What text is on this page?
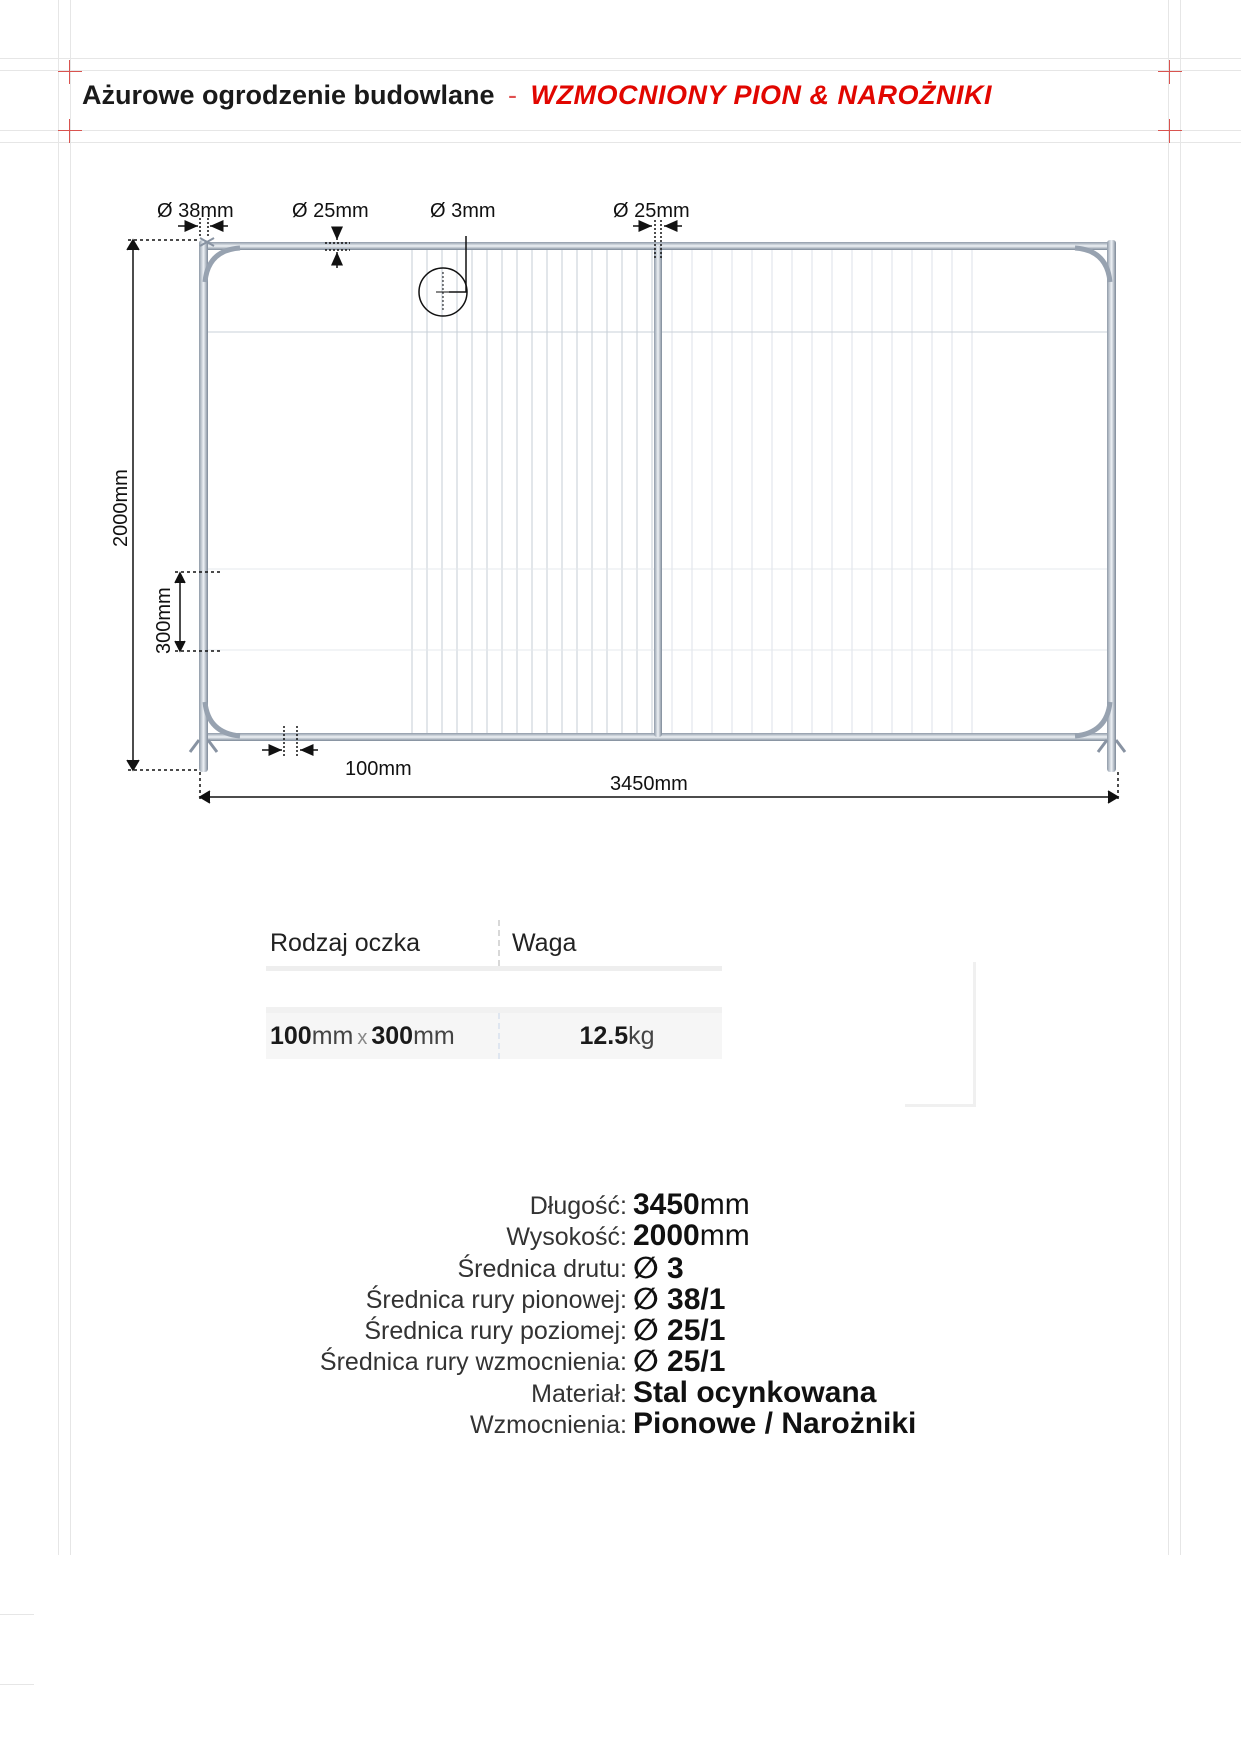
Ażurowe ogrodzenie budowlane - WZMOCNIONY PION & NAROŻNIKI
Ø 38mm	Ø 25mm	Ø 3mm	Ø 25mm
2000mm
300mm
100mm
3450mm
Rodzaj oczka	Waga
100mm x 300mm	12.5 kg
Długość: 3450mm
Wysokość: 2000mm
Średnica drutu: ∅ 3
Średnica rury pionowej: ∅ 38/1
Średnica rury poziomej: ∅ 25/1
Średnica rury wzmocnienia: ∅ 25/1
Materiał: Stal ocynkowana
Wzmocnienia: Pionowe / Narożniki
